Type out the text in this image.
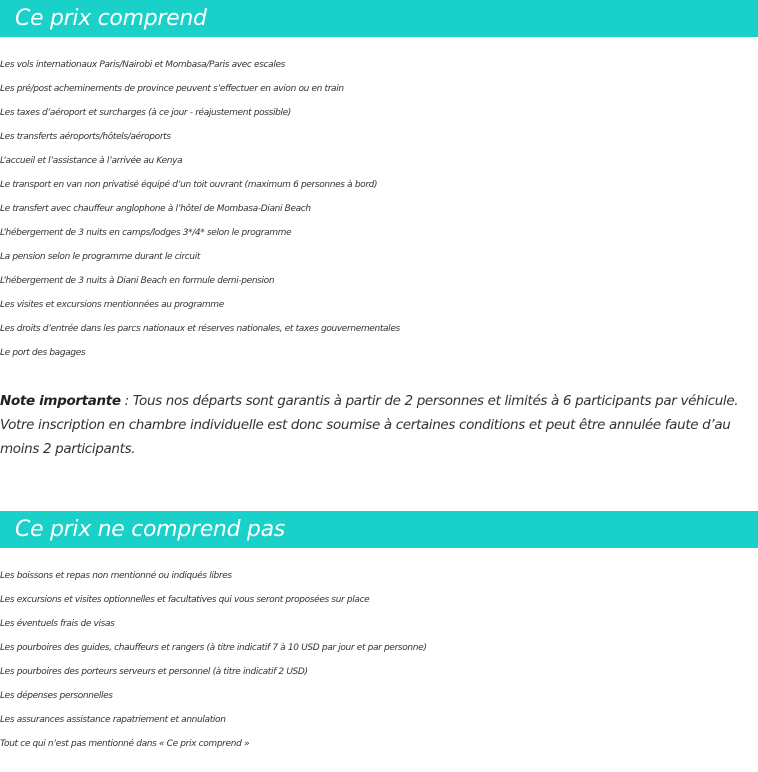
Ce prix comprend
Les vols internationaux Paris/Nairobi et Mombasa/Paris avec escales
Les pré/post acheminements de province peuvent s’effectuer en avion ou en train
Les taxes d’aéroport et surcharges (à ce jour - réajustement possible)
Les transferts aéroports/hôtels/aéroports
L’accueil et l’assistance à l’arrivée au Kenya
Le transport en van non privatisé équipé d’un toit ouvrant (maximum 6 personnes à bord)
Le transfert avec chauffeur anglophone à l’hôtel de Mombasa-Diani Beach
L’hébergement de 3 nuits en camps/lodges 3*/4* selon le programme
La pension selon le programme durant le circuit
L’hébergement de 3 nuits à Diani Beach en formule demi-pension
Les visites et excursions mentionnées au programme
Les droits d’entrée dans les parcs nationaux et réserves nationales, et taxes gouvernementales
Le port des bagages

Note importante : Tous nos départs sont garantis à partir de 2 personnes et limités à 6 participants par véhicule. Votre inscription en chambre individuelle est donc soumise à certaines conditions et peut être annulée faute d’au moins 2 participants.

Ce prix ne comprend pas
Les boissons et repas non mentionné ou indiqués libres
Les excursions et visites optionnelles et facultatives qui vous seront proposées sur place
Les éventuels frais de visas
Les pourboires des guides, chauffeurs et rangers (à titre indicatif 7 à 10 USD par jour et par personne)
Les pourboires des porteurs serveurs et personnel (à titre indicatif 2 USD)
Les dépenses personnelles
Les assurances assistance rapatriement et annulation
Tout ce qui n’est pas mentionné dans « Ce prix comprend »
